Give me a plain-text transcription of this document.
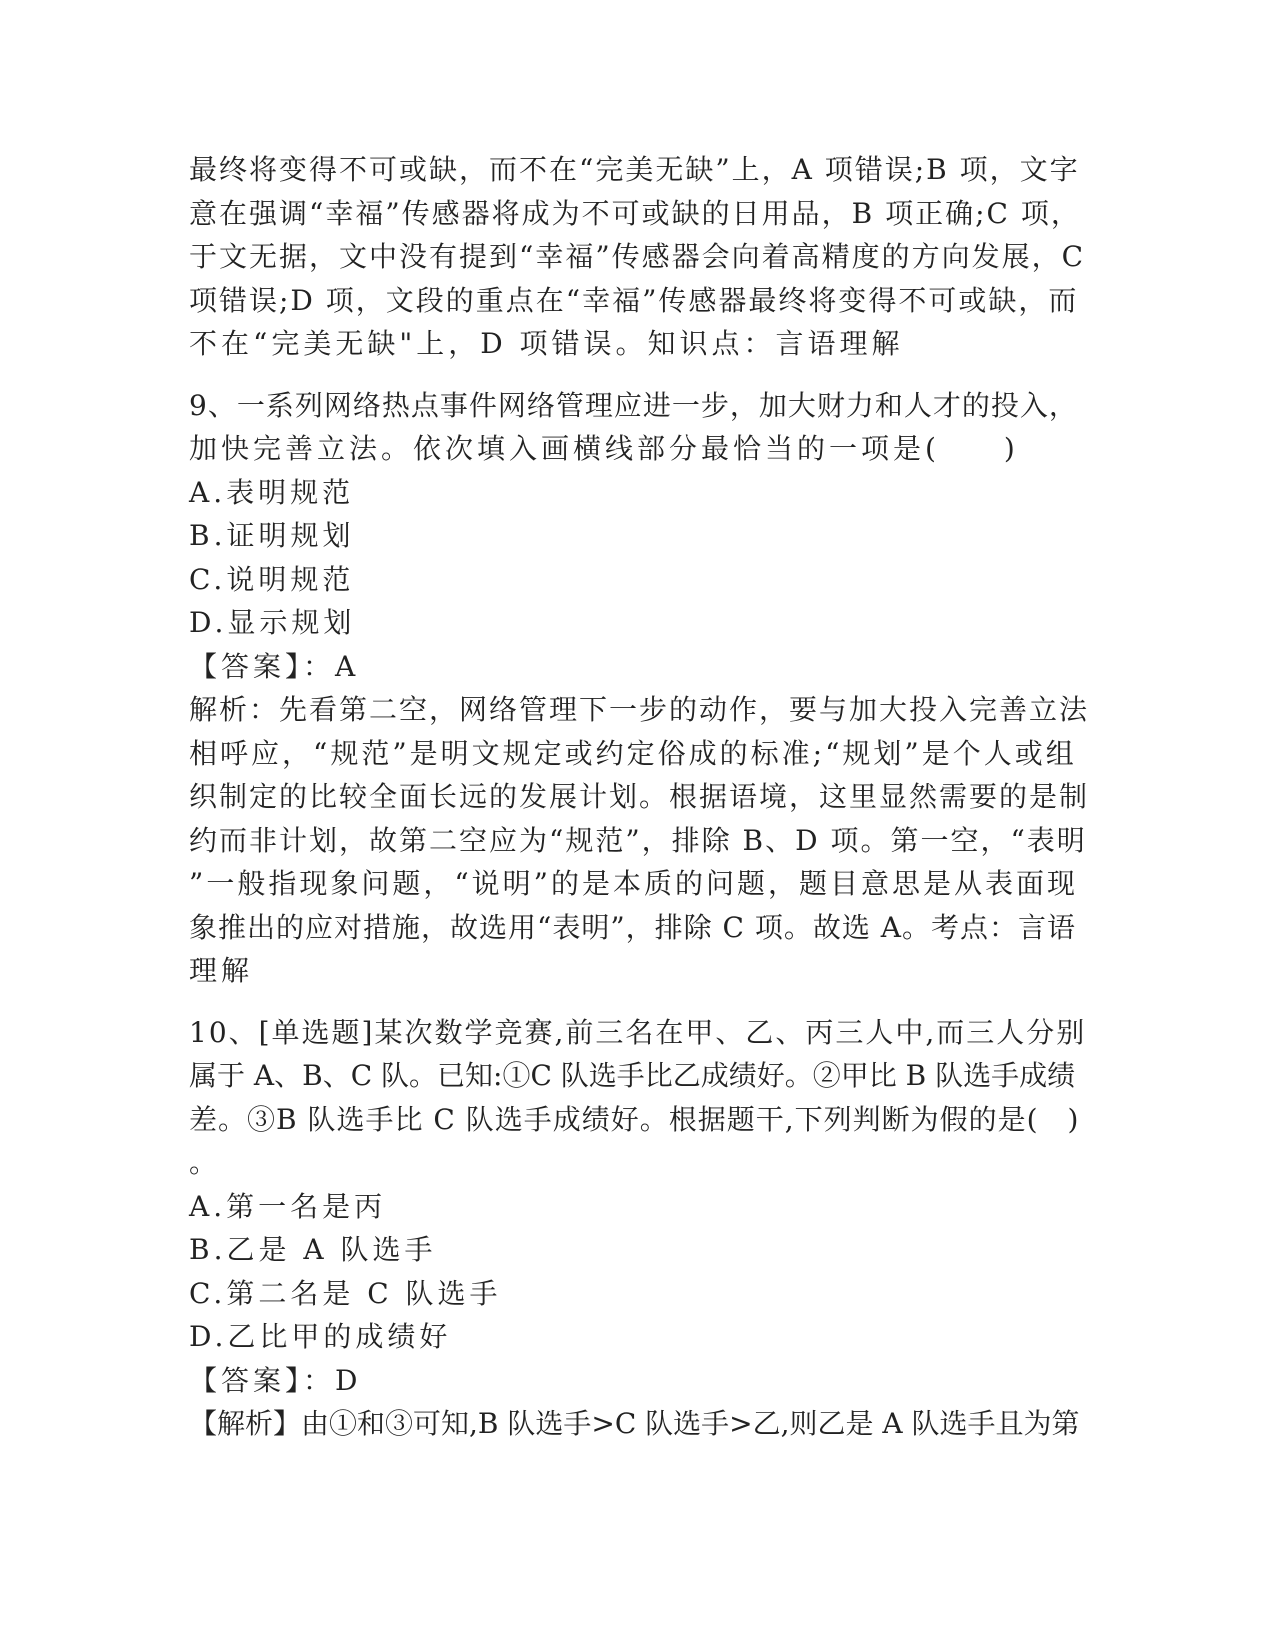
最终将变得不可或缺，而不在“完美无缺”上，A 项错误;B 项，文字
意在强调“幸福”传感器将成为不可或缺的日用品，B 项正确;C 项，
于文无据，文中没有提到“幸福”传感器会向着高精度的方向发展，C
项错误;D 项，文段的重点在“幸福”传感器最终将变得不可或缺，而
不在“完美无缺"上，D 项错误。知识点：言语理解
9、一系列网络热点事件网络管理应进一步，加大财力和人才的投入，
加快完善立法。依次填入画横线部分最恰当的一项是(　　)
A.表明规范
B.证明规划
C.说明规范
D.显示规划
【答案】：A
解析：先看第二空，网络管理下一步的动作，要与加大投入完善立法
相呼应，“规范”是明文规定或约定俗成的标准;“规划”是个人或组
织制定的比较全面长远的发展计划。根据语境，这里显然需要的是制
约而非计划，故第二空应为“规范”，排除 B、D 项。第一空，“表明
”一般指现象问题，“说明”的是本质的问题，题目意思是从表面现
象推出的应对措施，故选用“表明”，排除 C 项。故选 A。考点：言语
理解
10、[单选题]某次数学竞赛,前三名在甲、乙、丙三人中,而三人分别
属于 A、B、C 队。已知:①C 队选手比乙成绩好。②甲比 B 队选手成绩
差。③B 队选手比 C 队选手成绩好。根据题干,下列判断为假的是(　)
。
A.第一名是丙
B.乙是 A 队选手
C.第二名是 C 队选手
D.乙比甲的成绩好
【答案】：D
【解析】由①和③可知,B 队选手>C 队选手>乙,则乙是 A 队选手且为第
